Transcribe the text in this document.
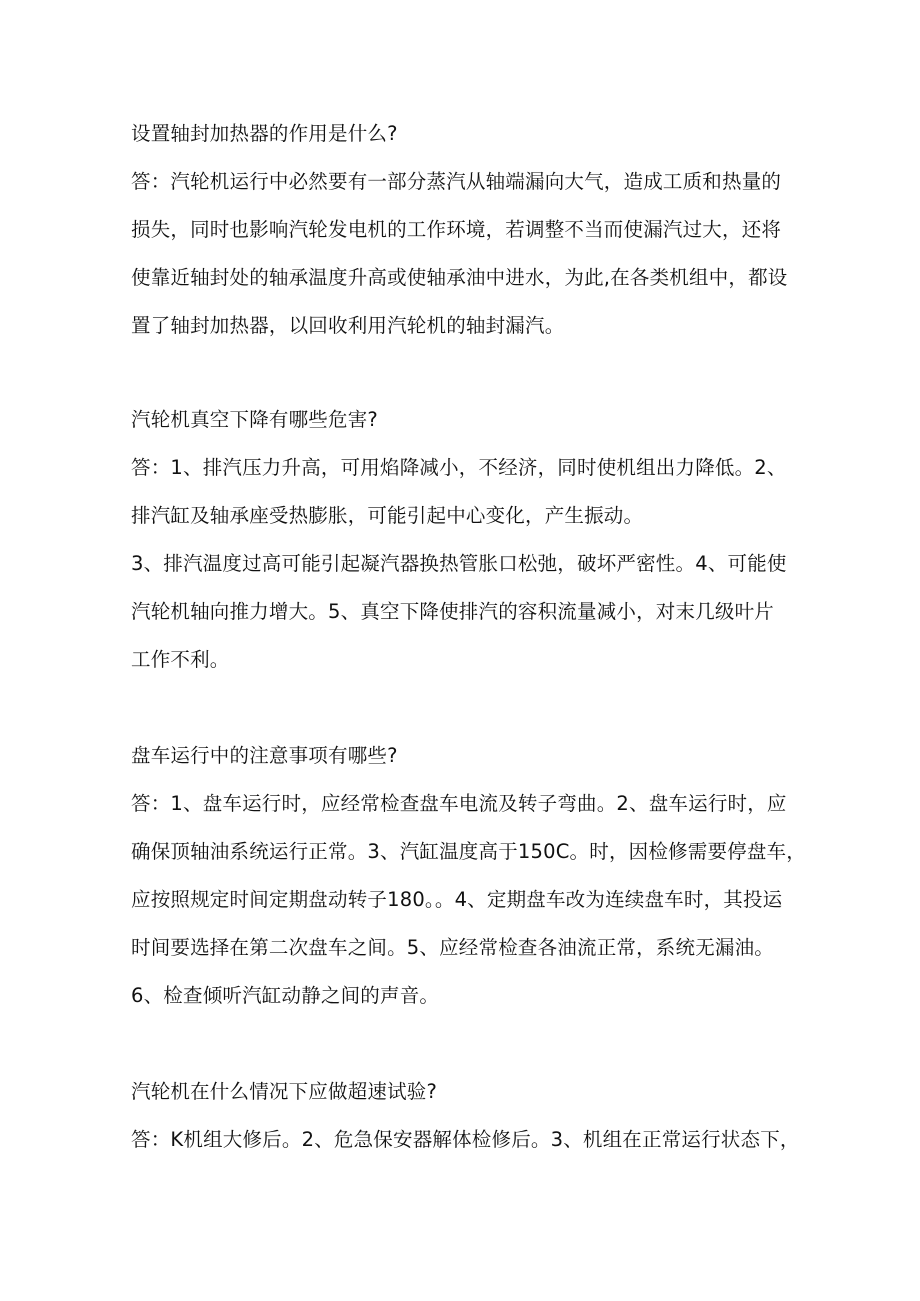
设置轴封加热器的作用是什么?
答：汽轮机运行中必然要有一部分蒸汽从轴端漏向大气，造成工质和热量的
损失，同时也影响汽轮发电机的工作环境，若调整不当而使漏汽过大，还将
使靠近轴封处的轴承温度升高或使轴承油中进水，为此,在各类机组中，都设
置了轴封加热器，以回收利用汽轮机的轴封漏汽。
汽轮机真空下降有哪些危害?
答：1、排汽压力升高，可用焰降减小，不经济，同时使机组出力降低。2、
排汽缸及轴承座受热膨胀，可能引起中心变化，产生振动。
3、排汽温度过高可能引起凝汽器换热管胀口松弛，破坏严密性。4、可能使
汽轮机轴向推力增大。5、真空下降使排汽的容积流量减小，对末几级叶片
工作不利。
盘车运行中的注意事项有哪些?
答：1、盘车运行时，应经常检查盘车电流及转子弯曲。2、盘车运行时，应
确保顶轴油系统运行正常。3、汽缸温度高于150C。时，因检修需要停盘车，
应按照规定时间定期盘动转子180。。4、定期盘车改为连续盘车时，其投运
时间要选择在第二次盘车之间。5、应经常检查各油流正常，系统无漏油。
6、检查倾听汽缸动静之间的声音。
汽轮机在什么情况下应做超速试验?
答：K机组大修后。2、危急保安器解体检修后。3、机组在正常运行状态下，
